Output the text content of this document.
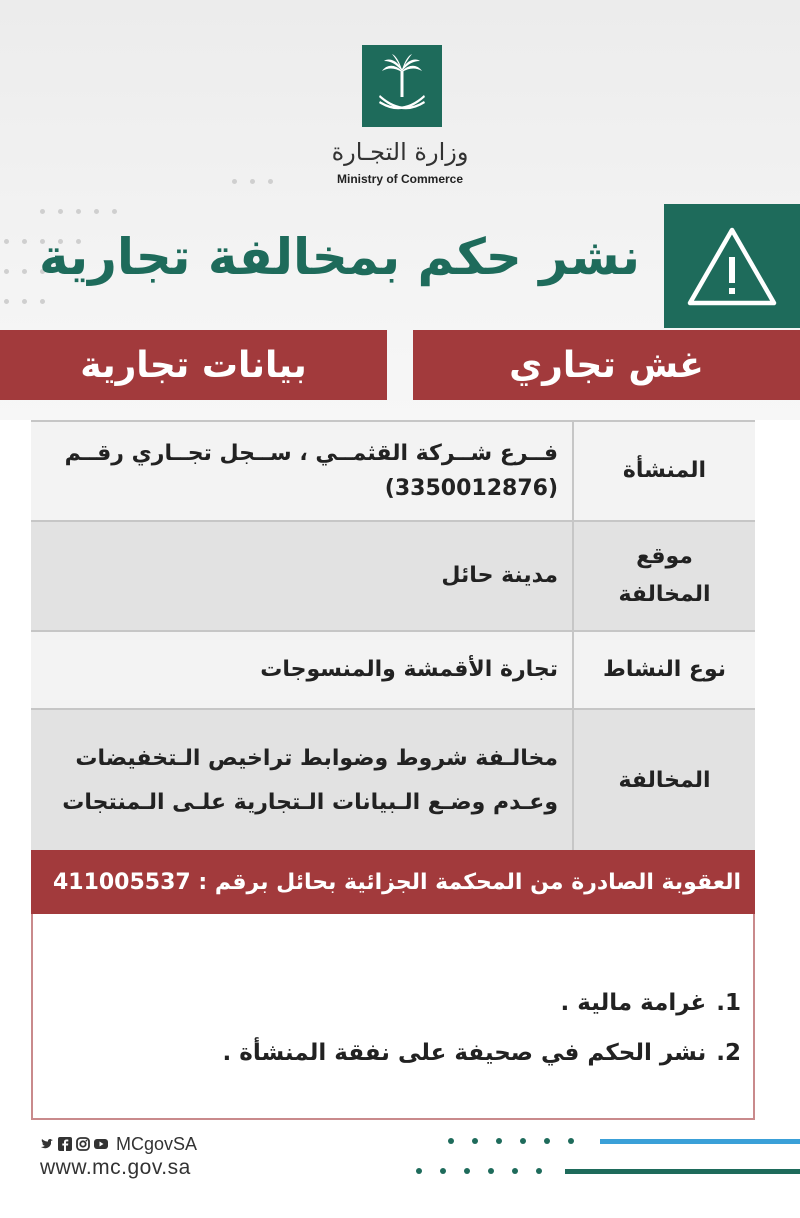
وزارة التجـارة
Ministry of Commerce
نشر حكم بمخالفة تجارية
غش تجاري
بيانات تجارية
المنشأة
فــرع شــركة القثمــي ، ســجل تجــاري رقــم
(3350012876)
موقع
المخالفة
مدينة حائل
نوع النشاط
تجارة الأقمشة والمنسوجات
المخالفة
مخالـفة شروط وضوابط تراخيص الـتخفيضات
وعـدم وضـع الـبيانات الـتجارية علـى الـمنتجات
العقوبة الصادرة من المحكمة الجزائية بحائل برقم : 411005537
1.غرامة مالية .
2.نشر الحكم في صحيفة على نفقة المنشأة .
MCgovSA
www.mc.gov.sa
